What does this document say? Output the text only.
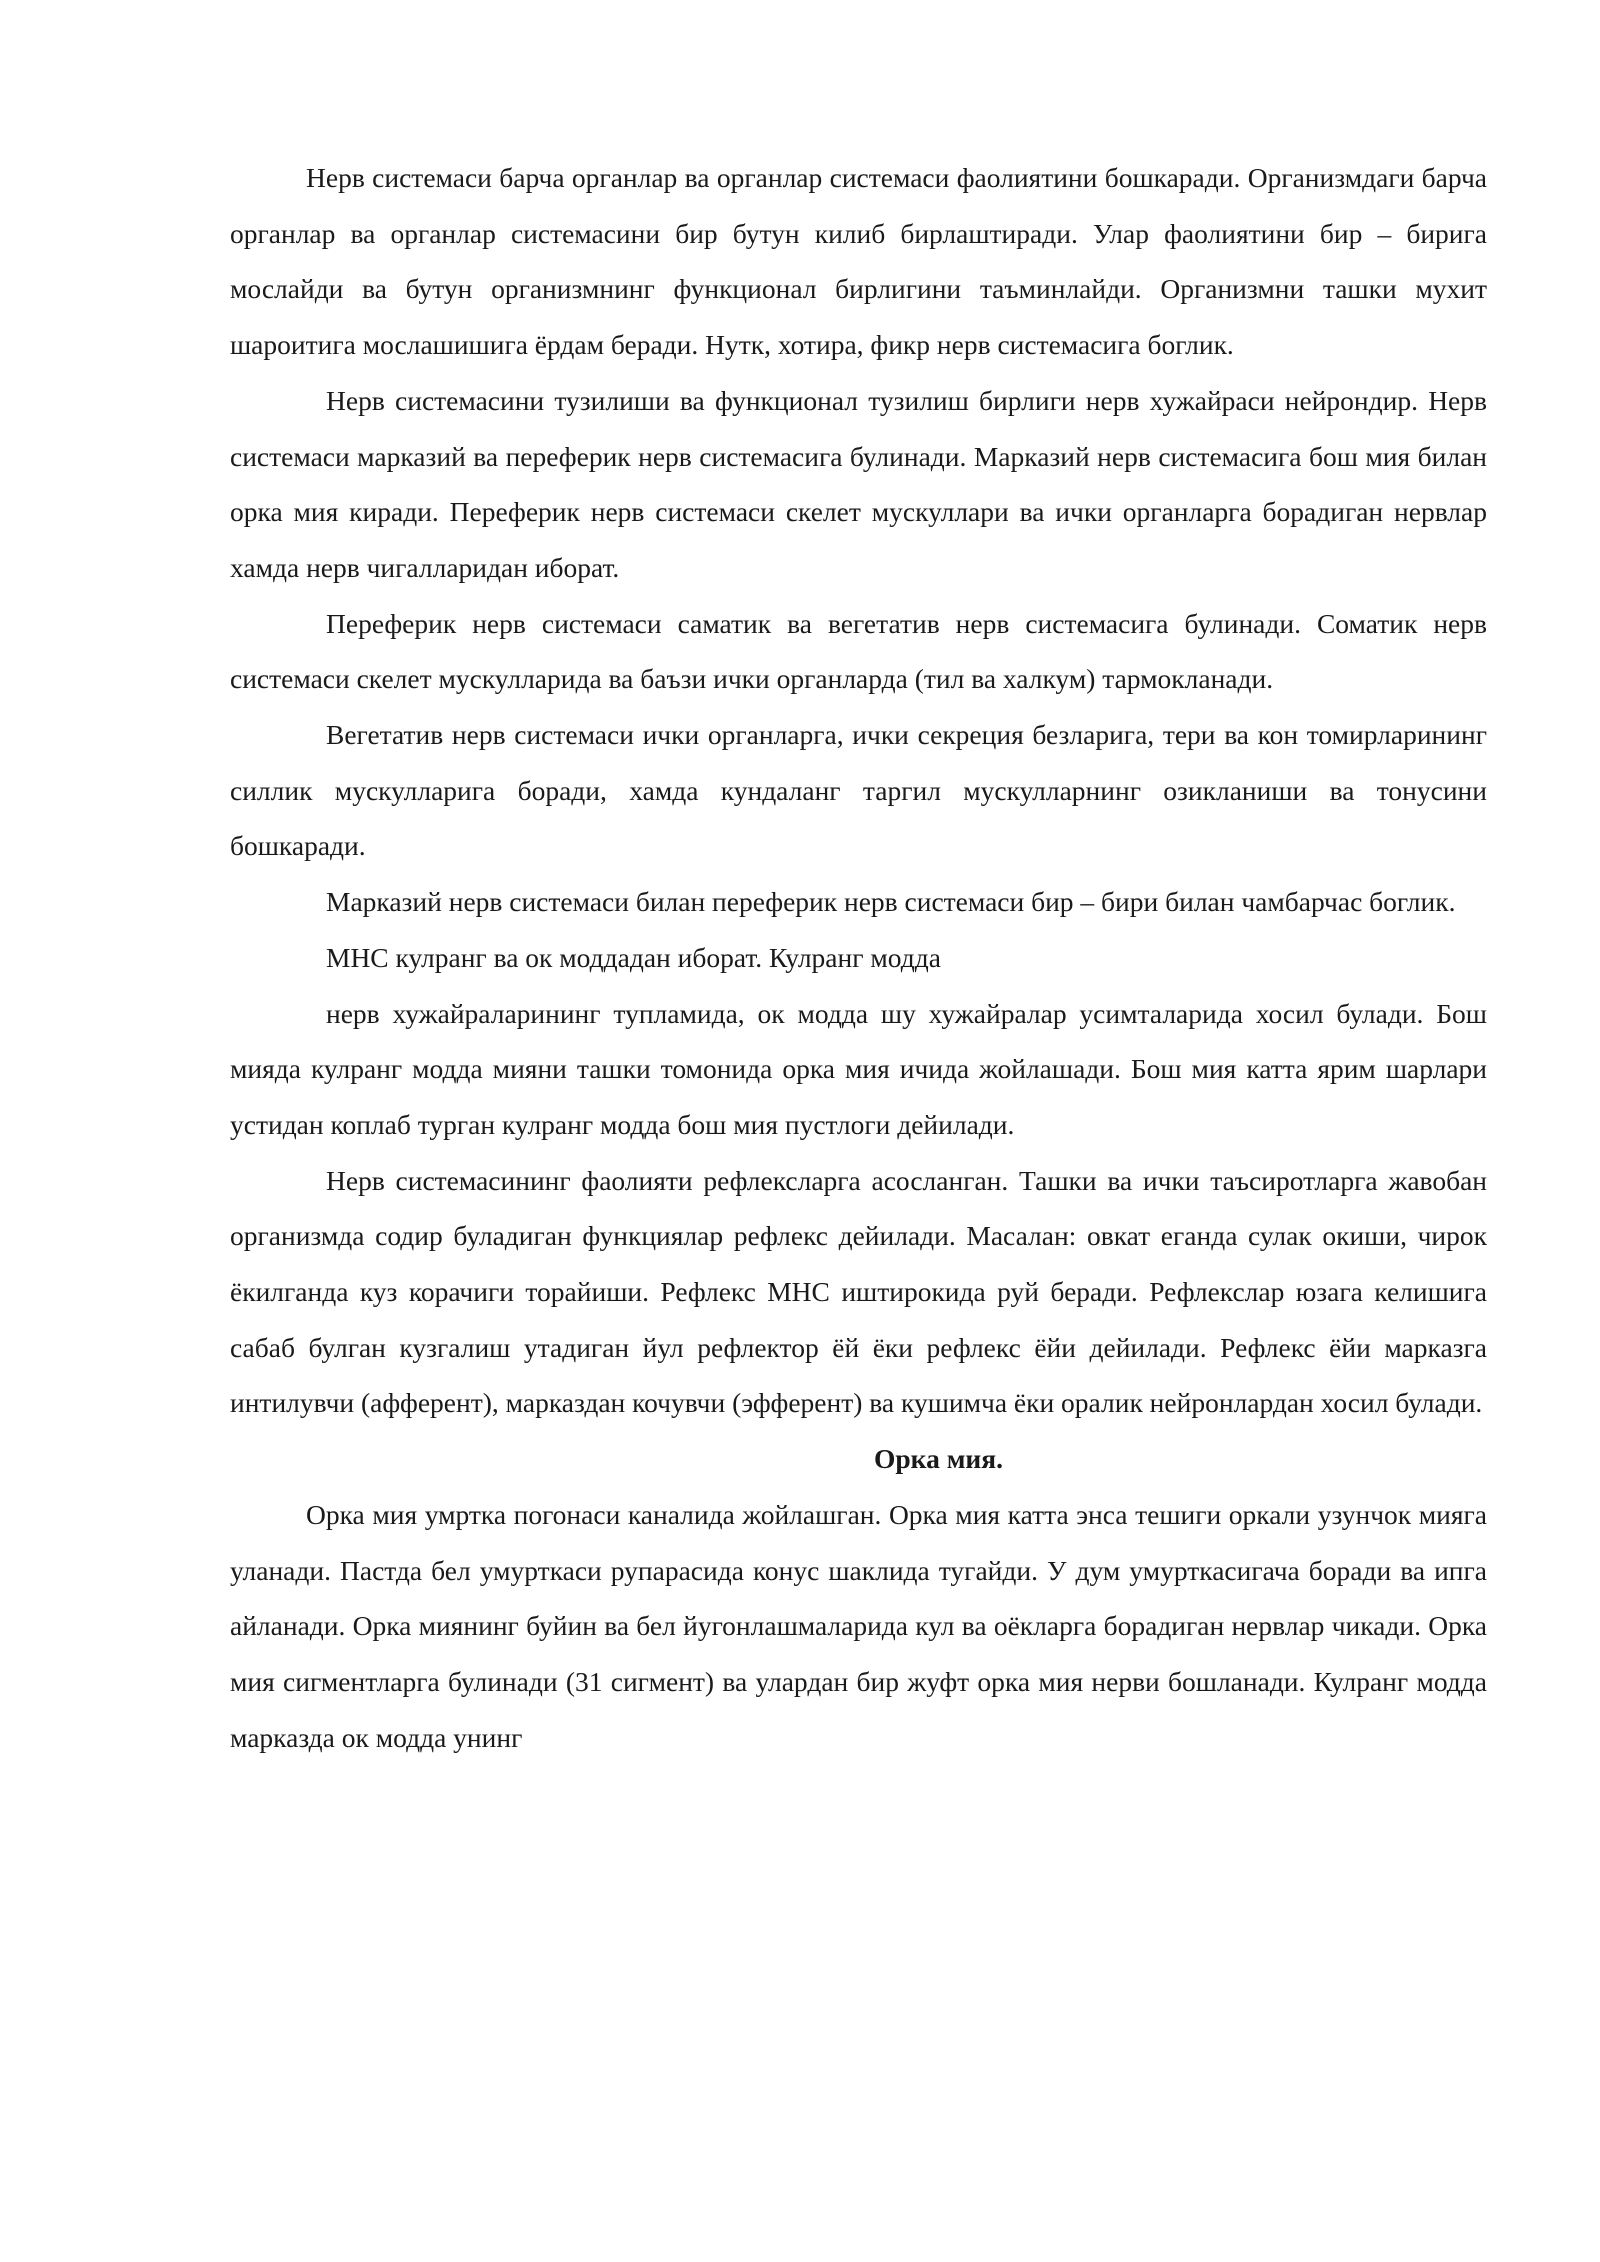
Нерв системаси барча органлар ва органлар системаси фаолиятини бошкаради. Организмдаги барча органлар ва органлар системасини бир бутун килиб бирлаштиради. Улар фаолиятини бир – бирига мослайди ва бутун организмнинг функционал бирлигини таъминлайди. Организмни ташки мухит шароитига мослашишига ёрдам беради. Нутк, хотира, фикр нерв системасига боглик.

Нерв системасини тузилиши ва функционал тузилиш бирлиги нерв хужайраси нейрондир. Нерв системаси марказий ва переферик нерв системасига булинади. Марказий нерв системасига бош мия билан орка мия киради. Переферик нерв системаси скелет мускуллари ва ички органларга борадиган нервлар хамда нерв чигалларидан иборат.

Переферик нерв системаси саматик ва вегетатив нерв системасига булинади. Соматик нерв системаси скелет мускулларида ва баъзи ички органларда (тил ва халкум) тармокланади.

Вегетатив нерв системаси ички органларга, ички секреция безларига, тери ва кон томирларининг силлик мускулларига боради, хамда кундаланг таргил мускулларнинг озикланиши ва тонусини бошкаради.

Марказий нерв системаси билан переферик нерв системаси бир – бири билан чамбарчас боглик.

МНС кулранг ва ок моддадан иборат. Кулранг модда

нерв хужайраларининг тупламида, ок модда шу хужайралар усимталарида хосил булади. Бош мияда кулранг модда мияни ташки томонида орка мия ичида жойлашади. Бош мия катта ярим шарлари устидан коплаб турган кулранг модда бош мия пустлоги дейилади.

Нерв системасининг фаолияти рефлексларга асосланган. Ташки ва ички таъсиротларга жавобан организмда содир буладиган функциялар рефлекс дейилади. Масалан: овкат еганда сулак окиши, чирок ёкилганда куз корачиги торайиши. Рефлекс МНС иштирокида руй беради. Рефлекслар юзага келишига сабаб булган кузгалиш утадиган йул рефлектор ёй ёки рефлекс ёйи дейилади. Рефлекс ёйи марказга интилувчи (афферент), марказдан кочувчи (эфферент) ва кушимча ёки оралик нейронлардан хосил булади.

Орка мия.

Орка мия умртка погонаси каналида жойлашган. Орка мия катта энса тешиги оркали узунчок мияга уланади. Пастда бел умурткаси рупарасида конус шаклида тугайди. У дум умурткасигача боради ва ипга айланади. Орка миянинг буйин ва бел йугонлашмаларида кул ва оёкларга борадиган нервлар чикади. Орка мия сигментларга булинади (31 сигмент) ва улардан бир жуфт орка мия нерви бошланади. Кулранг модда марказда ок модда унинг
